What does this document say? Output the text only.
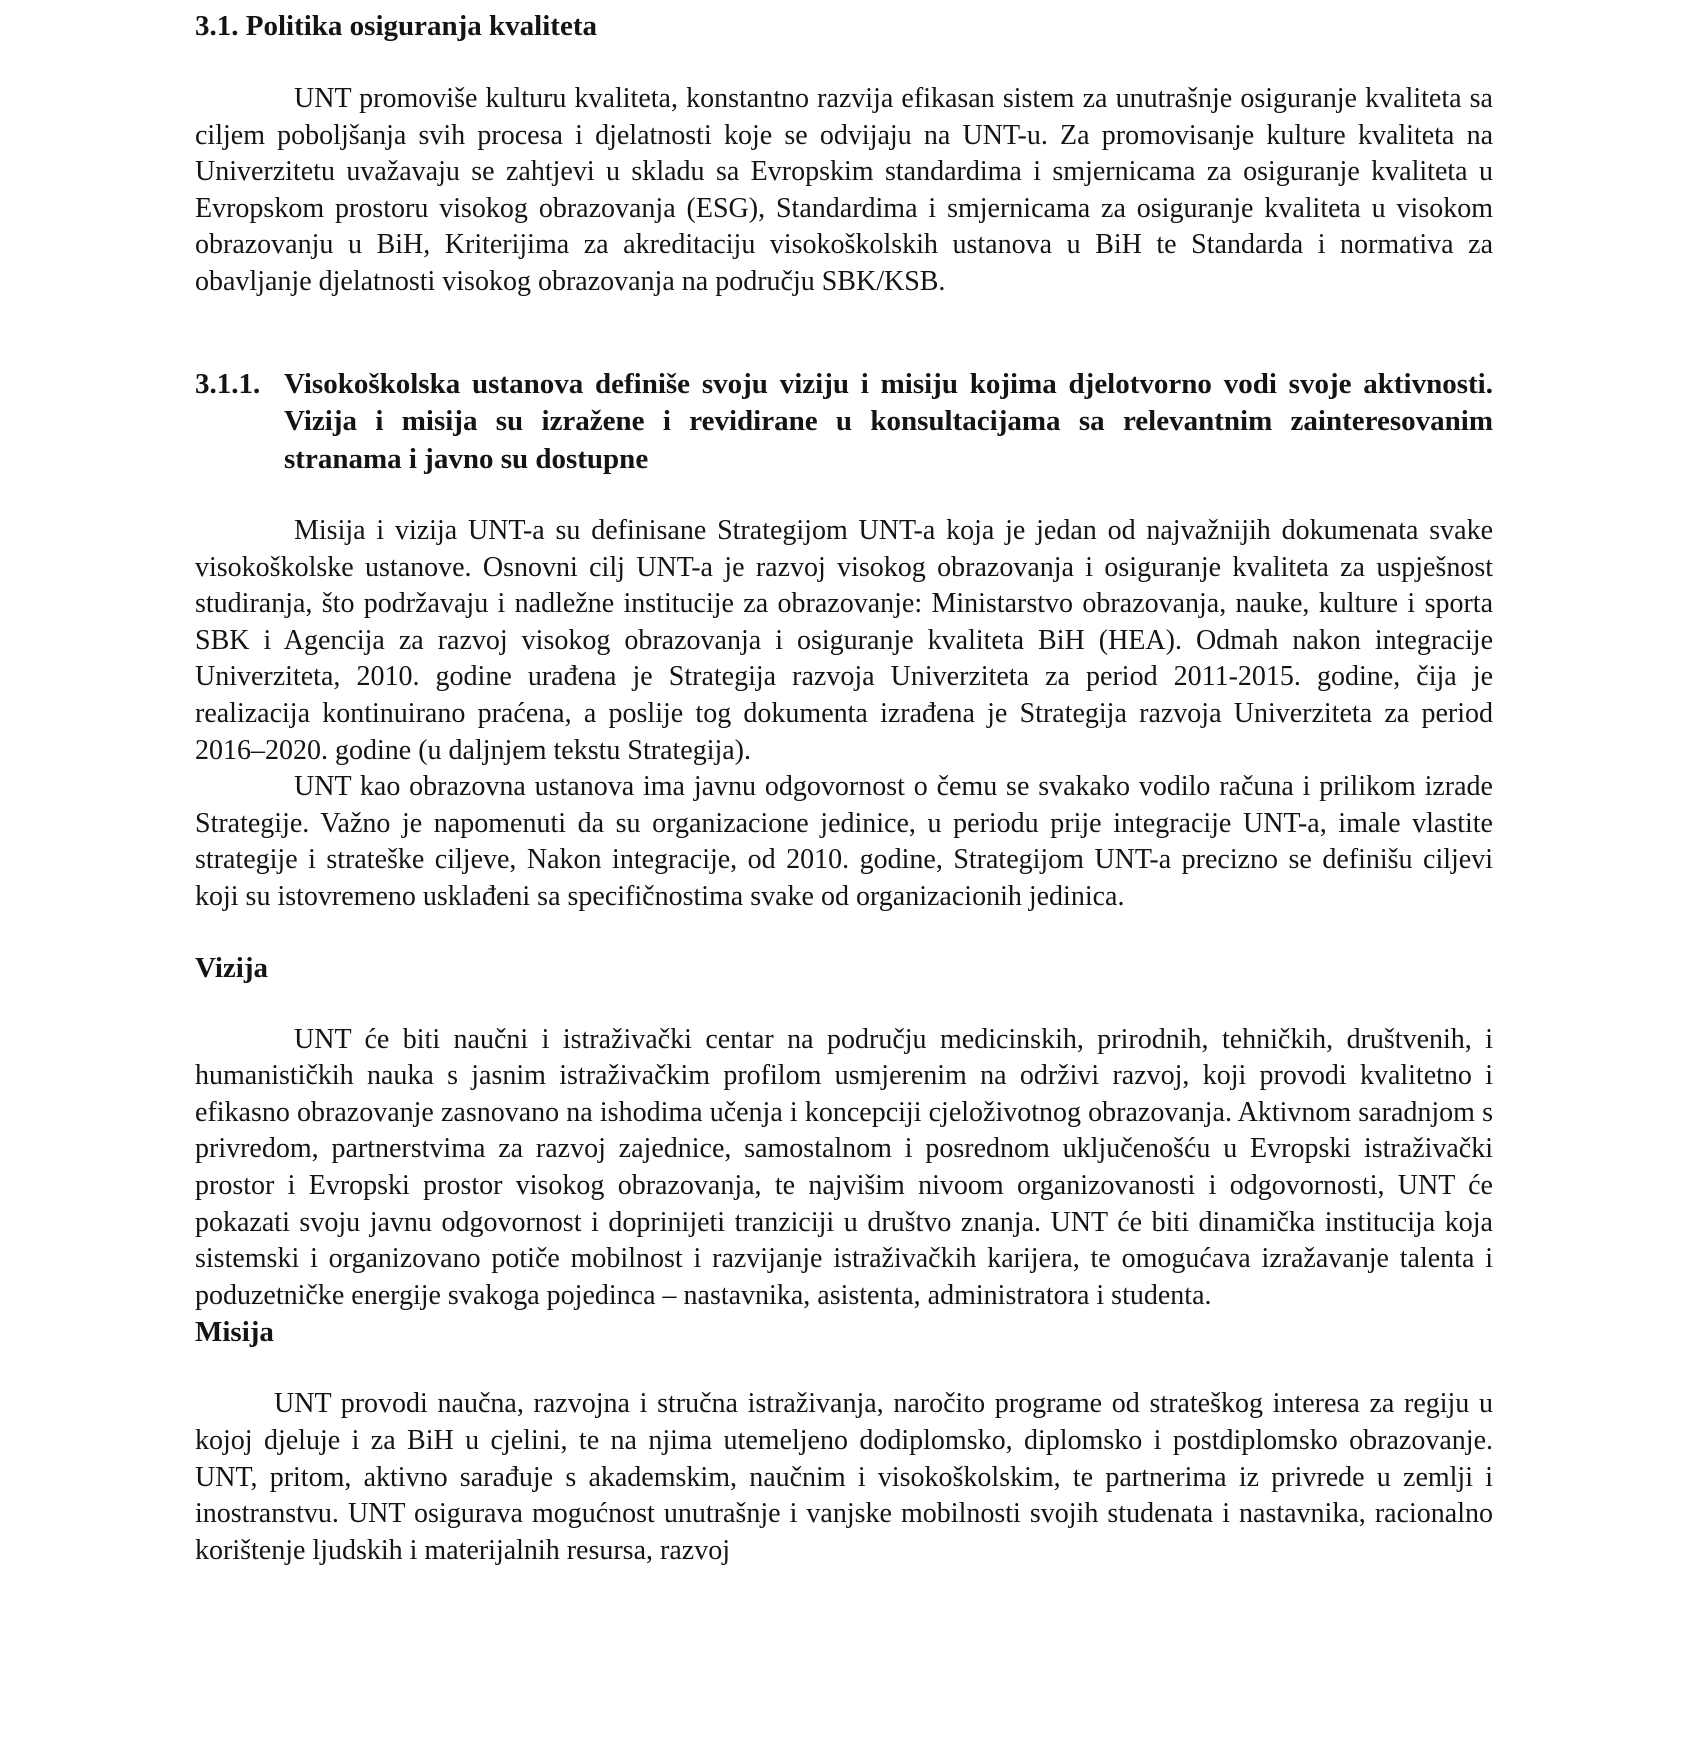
3.1. Politika osiguranja kvaliteta

UNT promoviše kulturu kvaliteta, konstantno razvija efikasan sistem za unutrašnje osiguranje kvaliteta sa ciljem poboljšanja svih procesa i djelatnosti koje se odvijaju na UNT-u. Za promovisanje kulture kvaliteta na Univerzitetu uvažavaju se zahtjevi u skladu sa Evropskim standardima i smjernicama za osiguranje kvaliteta u Evropskom prostoru visokog obrazovanja (ESG), Standardima i smjernicama za osiguranje kvaliteta u visokom obrazovanju u BiH, Kriterijima za akreditaciju visokoškolskih ustanova u BiH te Standarda i normativa za obavljanje djelatnosti visokog obrazovanja na području SBK/KSB.

3.1.1. Visokoškolska ustanova definiše svoju viziju i misiju kojima djelotvorno vodi svoje aktivnosti. Vizija i misija su izražene i revidirane u konsultacijama sa relevantnim zainteresovanim stranama i javno su dostupne

Misija i vizija UNT-a su definisane Strategijom UNT-a koja je jedan od najvažnijih dokumenata svake visokoškolske ustanove. Osnovni cilj UNT-a je razvoj visokog obrazovanja i osiguranje kvaliteta za uspješnost studiranja, što podržavaju i nadležne institucije za obrazovanje: Ministarstvo obrazovanja, nauke, kulture i sporta SBK i Agencija za razvoj visokog obrazovanja i osiguranje kvaliteta BiH (HEA). Odmah nakon integracije Univerziteta, 2010. godine urađena je Strategija razvoja Univerziteta za period 2011-2015. godine, čija je realizacija kontinuirano praćena, a poslije tog dokumenta izrađena je Strategija razvoja Univerziteta za period 2016–2020. godine (u daljnjem tekstu Strategija).

UNT kao obrazovna ustanova ima javnu odgovornost o čemu se svakako vodilo računa i prilikom izrade Strategije. Važno je napomenuti da su organizacione jedinice, u periodu prije integracije UNT-a, imale vlastite strategije i strateške ciljeve, Nakon integracije, od 2010. godine, Strategijom UNT-a precizno se definišu ciljevi koji su istovremeno usklađeni sa specifičnostima svake od organizacionih jedinica.

Vizija

UNT će biti naučni i istraživački centar na području medicinskih, prirodnih, tehničkih, društvenih, i humanističkih nauka s jasnim istraživačkim profilom usmjerenim na održivi razvoj, koji provodi kvalitetno i efikasno obrazovanje zasnovano na ishodima učenja i koncepciji cjeloživotnog obrazovanja. Aktivnom saradnjom s privredom, partnerstvima za razvoj zajednice, samostalnom i posrednom uključenošću u Evropski istraživački prostor i Evropski prostor visokog obrazovanja, te najvišim nivoom organizovanosti i odgovornosti, UNT će pokazati svoju javnu odgovornost i doprinijeti tranziciji u društvo znanja. UNT će biti dinamička institucija koja sistemski i organizovano potiče mobilnost i razvijanje istraživačkih karijera, te omogućava izražavanje talenta i poduzetničke energije svakoga pojedinca – nastavnika, asistenta, administratora i studenta.

Misija

UNT provodi naučna, razvojna i stručna istraživanja, naročito programe od strateškog interesa za regiju u kojoj djeluje i za BiH u cjelini, te na njima utemeljeno dodiplomsko, diplomsko i postdiplomsko obrazovanje. UNT, pritom, aktivno sarađuje s akademskim, naučnim i visokoškolskim, te partnerima iz privrede u zemlji i inostranstvu. UNT osigurava mogućnost unutrašnje i vanjske mobilnosti svojih studenata i nastavnika, racionalno korištenje ljudskih i materijalnih resursa, razvoj
